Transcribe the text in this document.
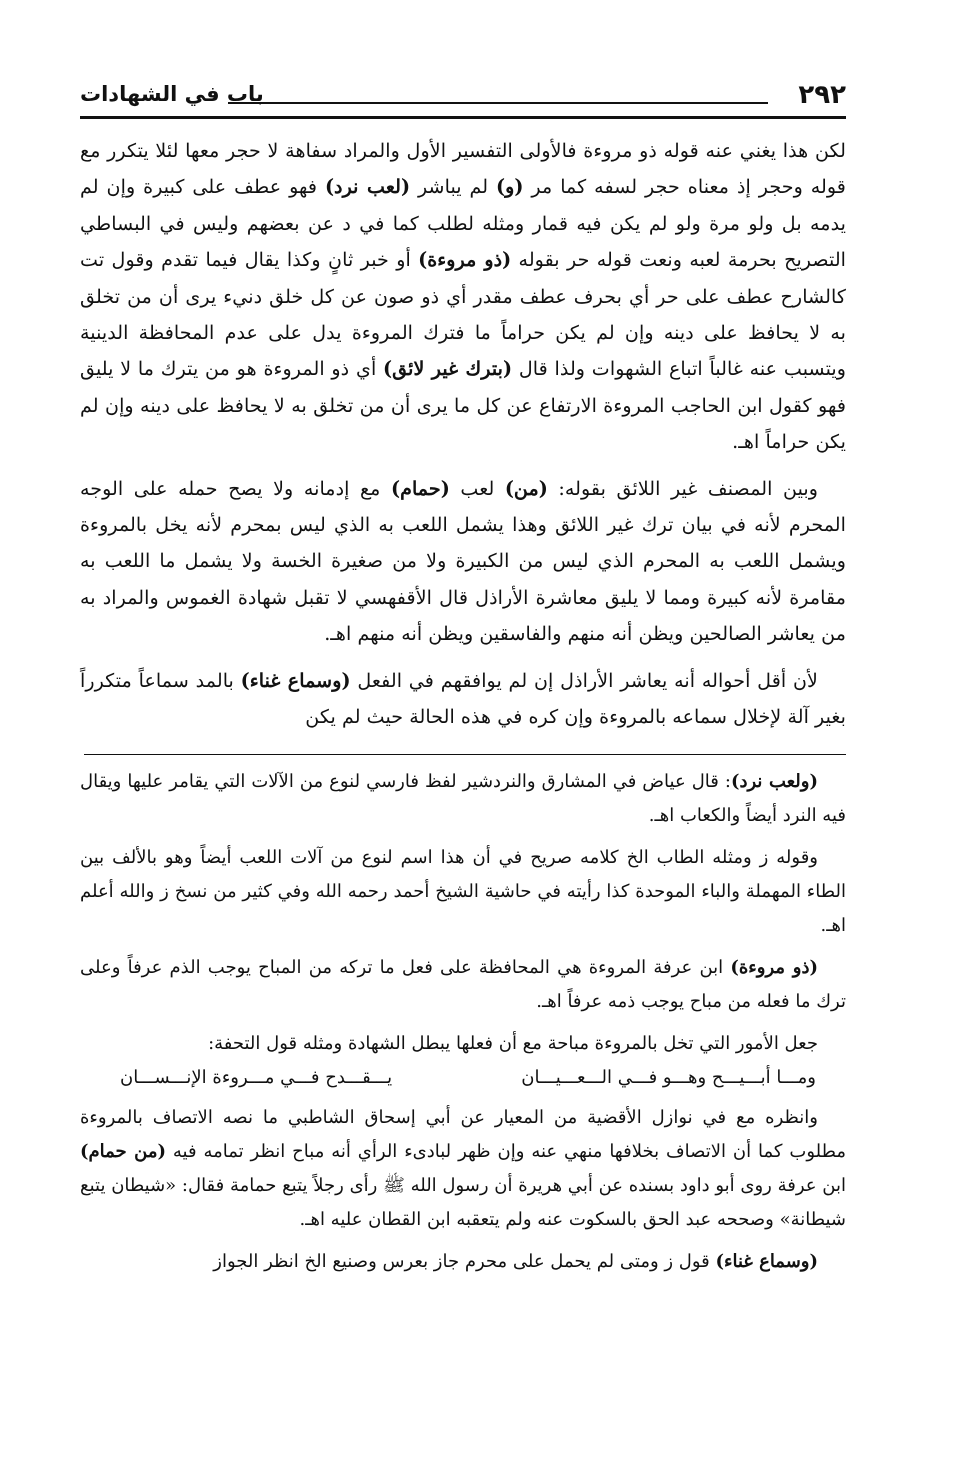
٢٩٢
باب في الشهادات

لكن هذا يغني عنه قوله ذو مروءة فالأولى التفسير الأول والمراد سفاهة لا حجر معها لئلا يتكرر مع قوله وحجر إذ معناه حجر لسفه كما مر (و) لم يباشر (لعب نرد) فهو عطف على كبيرة وإن لم يدمه بل ولو مرة ولو لم يكن فيه قمار ومثله لطلب كما في د عن بعضهم وليس في البساطي التصريح بحرمة لعبه ونعت قوله حر بقوله (ذو مروءة) أو خبر ثانٍ وكذا يقال فيما تقدم وقول تت كالشارح عطف على حر أي بحرف عطف مقدر أي ذو صون عن كل خلق دنيء يرى أن من تخلق به لا يحافظ على دينه وإن لم يكن حراماً ما فترك المروءة يدل على عدم المحافظة الدينية ويتسبب عنه غالباً اتباع الشهوات ولذا قال (بترك غير لائق) أي ذو المروءة هو من يترك ما لا يليق فهو كقول ابن الحاجب المروءة الارتفاع عن كل ما يرى أن من تخلق به لا يحافظ على دينه وإن لم يكن حراماً اهـ.

وبين المصنف غير اللائق بقوله: (من) لعب (حمام) مع إدمانه ولا يصح حمله على الوجه المحرم لأنه في بيان ترك غير اللائق وهذا يشمل اللعب به الذي ليس بمحرم لأنه يخل بالمروءة ويشمل اللعب به المحرم الذي ليس من الكبيرة ولا من صغيرة الخسة ولا يشمل ما اللعب به مقامرة لأنه كبيرة ومما لا يليق معاشرة الأراذل قال الأقفهسي لا تقبل شهادة الغموس والمراد به من يعاشر الصالحين ويظن أنه منهم والفاسقين ويظن أنه منهم اهـ.

لأن أقل أحواله أنه يعاشر الأراذل إن لم يوافقهم في الفعل (وسماع غناء) بالمد سماعاً متكرراً بغير آلة لإخلال سماعه بالمروءة وإن كره في هذه الحالة حيث لم يكن

(ولعب نرد): قال عياض في المشارق والنردشير لفظ فارسي لنوع من الآلات التي يقامر عليها ويقال فيه النرد أيضاً والكعاب اهـ.

وقوله ز ومثله الطاب الخ كلامه صريح في أن هذا اسم لنوع من آلات اللعب أيضاً وهو بالألف بين الطاء المهملة والباء الموحدة كذا رأيته في حاشية الشيخ أحمد رحمه الله وفي كثير من نسخ ز والله أعلم اهـ.

(ذو مروءة) ابن عرفة المروءة هي المحافظة على فعل ما تركه من المباح يوجب الذم عرفاً وعلى ترك ما فعله من مباح يوجب ذمه عرفاً اهـ.

جعل الأمور التي تخل بالمروءة مباحة مع أن فعلها يبطل الشهادة ومثله قول التحفة:

ومـــا أبـــيـــح وهـــو فـــي الـــعـــيـــان
يـــقـــدح فـــي مـــروءة الإنـــســـان

وانظره مع في نوازل الأقضية من المعيار عن أبي إسحاق الشاطبي ما نصه الاتصاف بالمروءة مطلوب كما أن الاتصاف بخلافها منهي عنه وإن ظهر لبادىء الرأي أنه مباح انظر تمامه فيه (من حمام) ابن عرفة روى أبو داود بسنده عن أبي هريرة أن رسول الله ﷺ رأى رجلاً يتبع حمامة فقال: «شيطان يتبع شيطانة» وصححه عبد الحق بالسكوت عنه ولم يتعقبه ابن القطان عليه اهـ.

(وسماع غناء) قول ز ومتى لم يحمل على محرم جاز بعرس وصنيع الخ انظر الجواز
